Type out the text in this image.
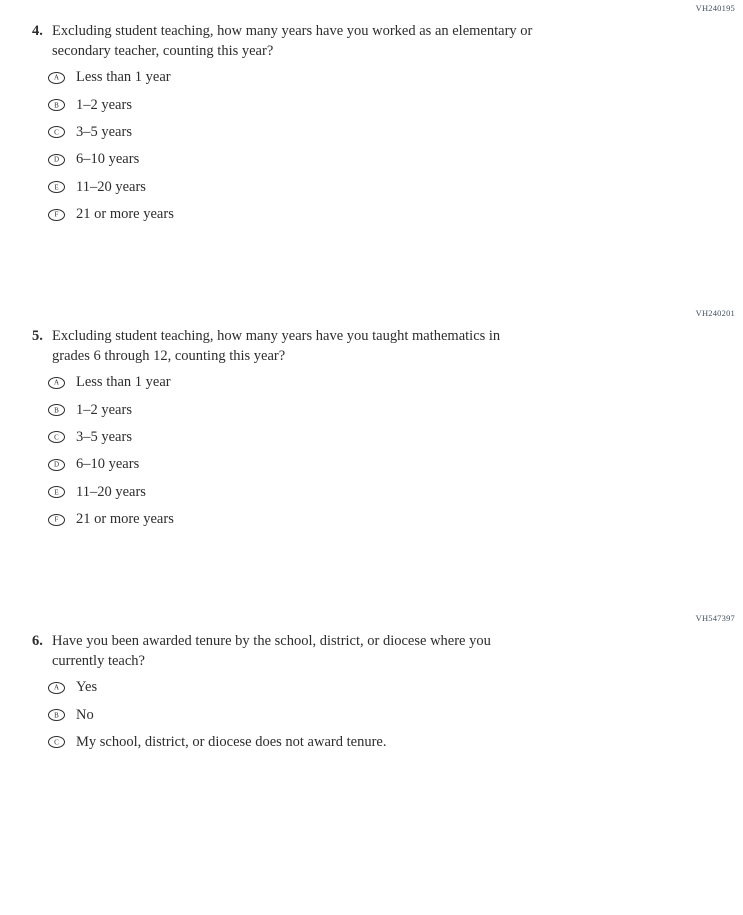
VH240195
4. Excluding student teaching, how many years have you worked as an elementary or
secondary teacher, counting this year?
A Less than 1 year
B 1–2 years
C 3–5 years
D 6–10 years
E 11–20 years
F 21 or more years
VH240201
5. Excluding student teaching, how many years have you taught mathematics in
grades 6 through 12, counting this year?
A Less than 1 year
B 1–2 years
C 3–5 years
D 6–10 years
E 11–20 years
F 21 or more years
VH547397
6. Have you been awarded tenure by the school, district, or diocese where you
currently teach?
A Yes
B No
C My school, district, or diocese does not award tenure.
